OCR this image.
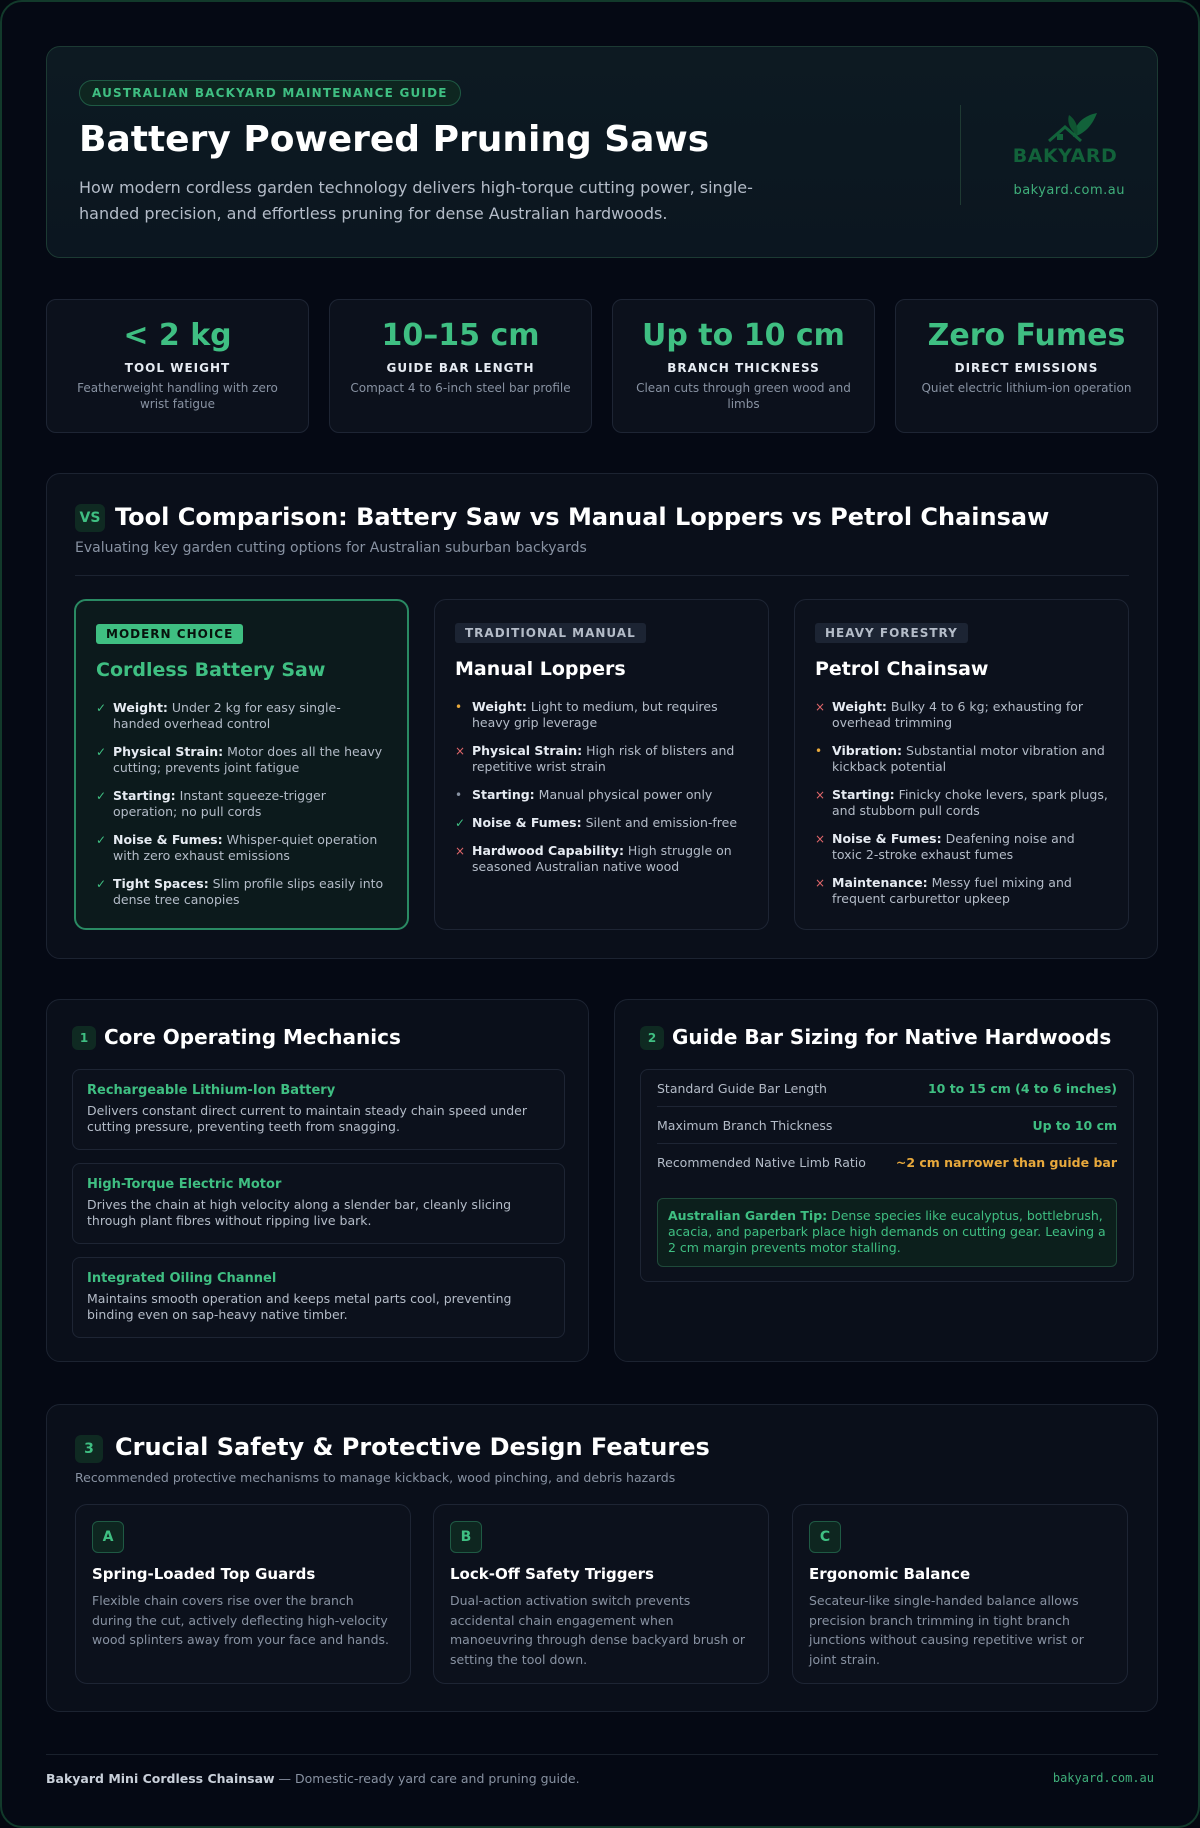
AUSTRALIAN BACKYARD MAINTENANCE GUIDE
Battery Powered Pruning Saws
How modern cordless garden technology delivers high-torque cutting power, single-handed precision, and effortless pruning for dense Australian hardwoods.
BAKYARD
bakyard.com.au
< 2 kg
TOOL WEIGHT
Featherweight handling with zero wrist fatigue
10–15 cm
GUIDE BAR LENGTH
Compact 4 to 6-inch steel bar profile
Up to 10 cm
BRANCH THICKNESS
Clean cuts through green wood and limbs
Zero Fumes
DIRECT EMISSIONS
Quiet electric lithium-ion operation
VS Tool Comparison: Battery Saw vs Manual Loppers vs Petrol Chainsaw
Evaluating key garden cutting options for Australian suburban backyards
MODERN CHOICE
Cordless Battery Saw
✓ Weight: Under 2 kg for easy single-handed overhead control
✓ Physical Strain: Motor does all the heavy cutting; prevents joint fatigue
✓ Starting: Instant squeeze-trigger operation; no pull cords
✓ Noise & Fumes: Whisper-quiet operation with zero exhaust emissions
✓ Tight Spaces: Slim profile slips easily into dense tree canopies
TRADITIONAL MANUAL
Manual Loppers
• Weight: Light to medium, but requires heavy grip leverage
× Physical Strain: High risk of blisters and repetitive wrist strain
• Starting: Manual physical power only
✓ Noise & Fumes: Silent and emission-free
× Hardwood Capability: High struggle on seasoned Australian native wood
HEAVY FORESTRY
Petrol Chainsaw
× Weight: Bulky 4 to 6 kg; exhausting for overhead trimming
• Vibration: Substantial motor vibration and kickback potential
× Starting: Finicky choke levers, spark plugs, and stubborn pull cords
× Noise & Fumes: Deafening noise and toxic 2-stroke exhaust fumes
× Maintenance: Messy fuel mixing and frequent carburettor upkeep
1 Core Operating Mechanics
Rechargeable Lithium-Ion Battery
Delivers constant direct current to maintain steady chain speed under cutting pressure, preventing teeth from snagging.
High-Torque Electric Motor
Drives the chain at high velocity along a slender bar, cleanly slicing through plant fibres without ripping live bark.
Integrated Oiling Channel
Maintains smooth operation and keeps metal parts cool, preventing binding even on sap-heavy native timber.
2 Guide Bar Sizing for Native Hardwoods
Standard Guide Bar Length	10 to 15 cm (4 to 6 inches)
Maximum Branch Thickness	Up to 10 cm
Recommended Native Limb Ratio ~2 cm narrower than guide bar
Australian Garden Tip: Dense species like eucalyptus, bottlebrush, acacia, and paperbark place high demands on cutting gear. Leaving a 2 cm margin prevents motor stalling.
3 Crucial Safety & Protective Design Features
Recommended protective mechanisms to manage kickback, wood pinching, and debris hazards
A
Spring-Loaded Top Guards
Flexible chain covers rise over the branch during the cut, actively deflecting high-velocity wood splinters away from your face and hands.
B
Lock-Off Safety Triggers
Dual-action activation switch prevents accidental chain engagement when manoeuvring through dense backyard brush or setting the tool down.
C
Ergonomic Balance
Secateur-like single-handed balance allows precision branch trimming in tight branch junctions without causing repetitive wrist or joint strain.
Bakyard Mini Cordless Chainsaw — Domestic-ready yard care and pruning guide.	bakyard.com.au
